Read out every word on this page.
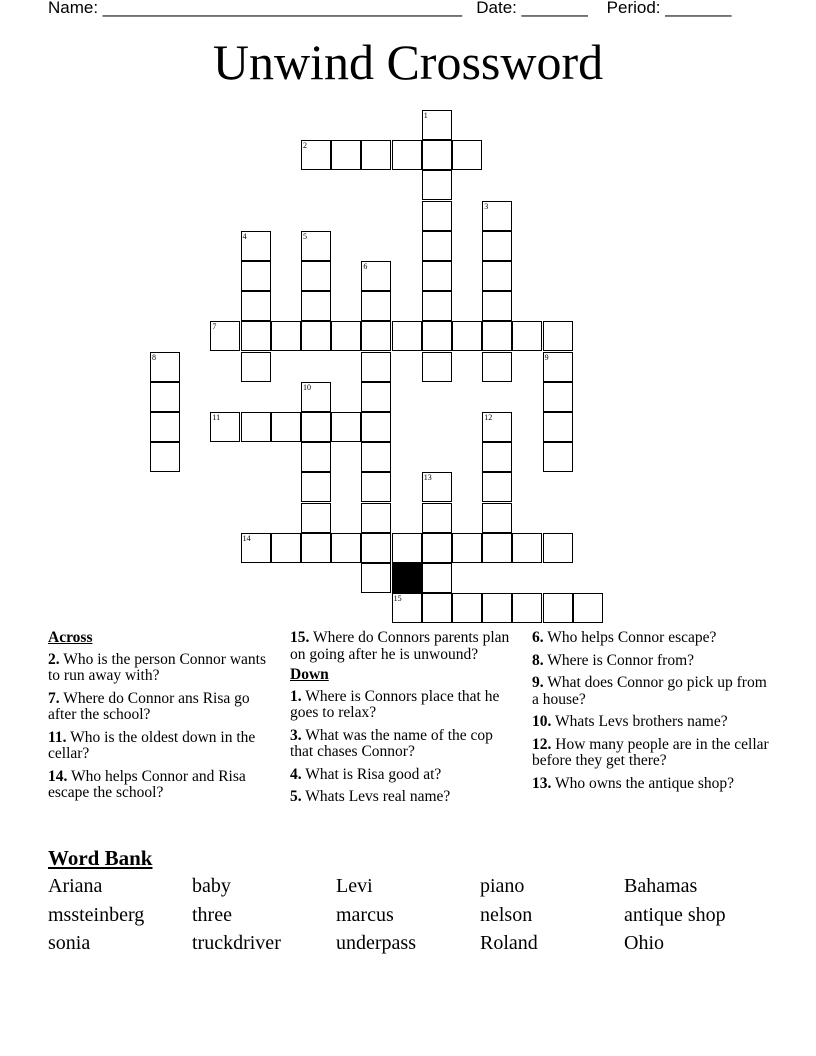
Name: ______________________________________   Date: _______    Period: _______
Unwind Crossword
1
2
3
4	5
6
7
8	9
10
11	12
13
14
15
Across
2. Who is the person Connor wants to run away with?
7. Where do Connor ans Risa go after the school?
11. Who is the oldest down in the cellar?
14. Who helps Connor and Risa escape the school?
15. Where do Connors parents plan on going after he is unwound?
Down
1. Where is Connors place that he goes to relax?
3. What was the name of the cop that chases Connor?
4. What is Risa good at?
5. Whats Levs real name?
6. Who helps Connor escape?
8. Where is Connor from?
9. What does Connor go pick up from a house?
10. Whats Levs brothers name?
12. How many people are in the cellar before they get there?
13. Who owns the antique shop?
Word Bank
Ariana	baby	Levi	piano	Bahamas
mssteinberg three	marcus	nelson	antique shop
sonia	truckdriver	underpass	Roland	Ohio
